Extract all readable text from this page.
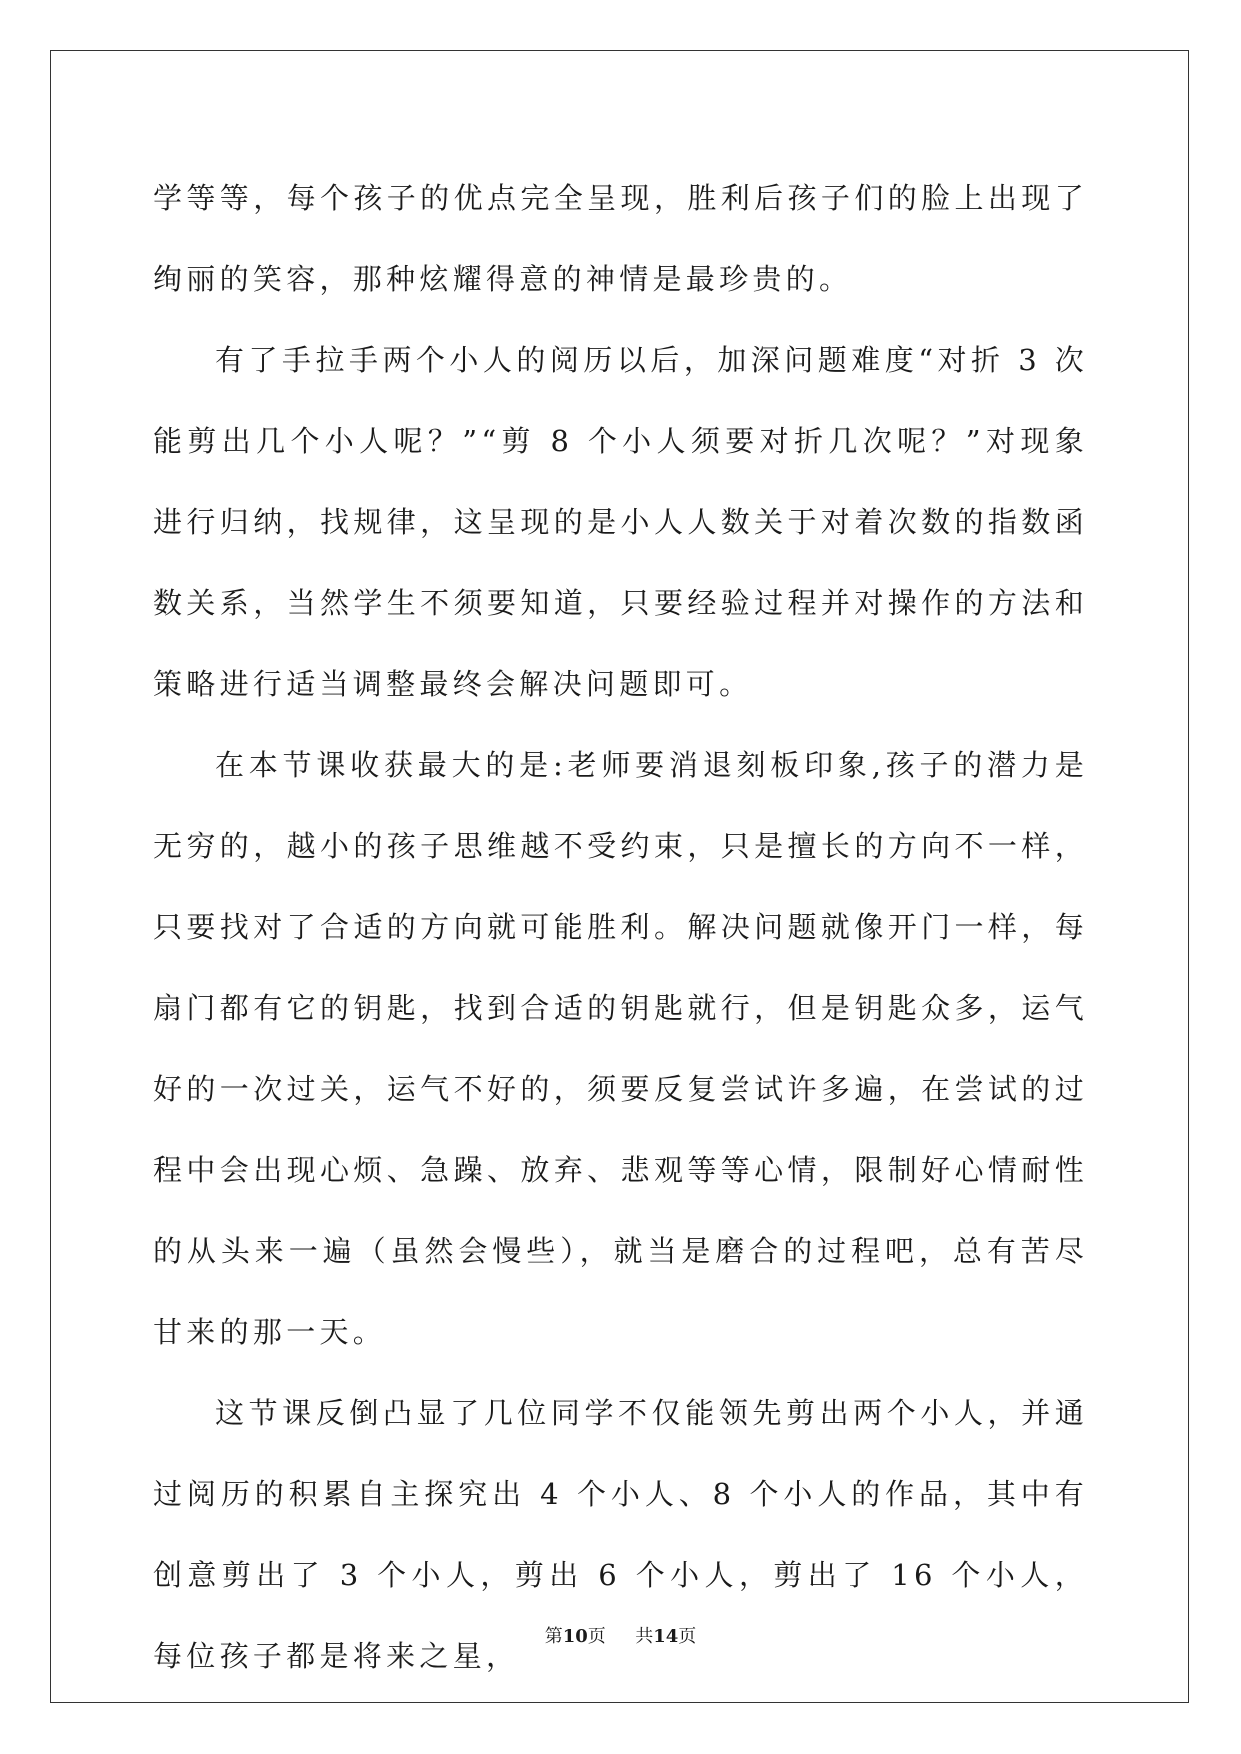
学等等，每个孩子的优点完全呈现，胜利后孩子们的脸上出现了绚丽的笑容，那种炫耀得意的神情是最珍贵的。

有了手拉手两个小人的阅历以后，加深问题难度“对折 3 次能剪出几个小人呢？”“剪 8 个小人须要对折几次呢？”对现象进行归纳，找规律，这呈现的是小人人数关于对着次数的指数函数关系，当然学生不须要知道，只要经验过程并对操作的方法和策略进行适当调整最终会解决问题即可。

在本节课收获最大的是:老师要消退刻板印象,孩子的潜力是无穷的，越小的孩子思维越不受约束，只是擅长的方向不一样，只要找对了合适的方向就可能胜利。解决问题就像开门一样，每扇门都有它的钥匙，找到合适的钥匙就行，但是钥匙众多，运气好的一次过关，运气不好的，须要反复尝试许多遍，在尝试的过程中会出现心烦、急躁、放弃、悲观等等心情，限制好心情耐性的从头来一遍（虽然会慢些），就当是磨合的过程吧，总有苦尽甘来的那一天。

这节课反倒凸显了几位同学不仅能领先剪出两个小人，并通过阅历的积累自主探究出 4 个小人、8 个小人的作品，其中有创意剪出了 3 个小人，剪出 6 个小人，剪出了 16 个小人，每位孩子都是将来之星，

第10页 共14页
